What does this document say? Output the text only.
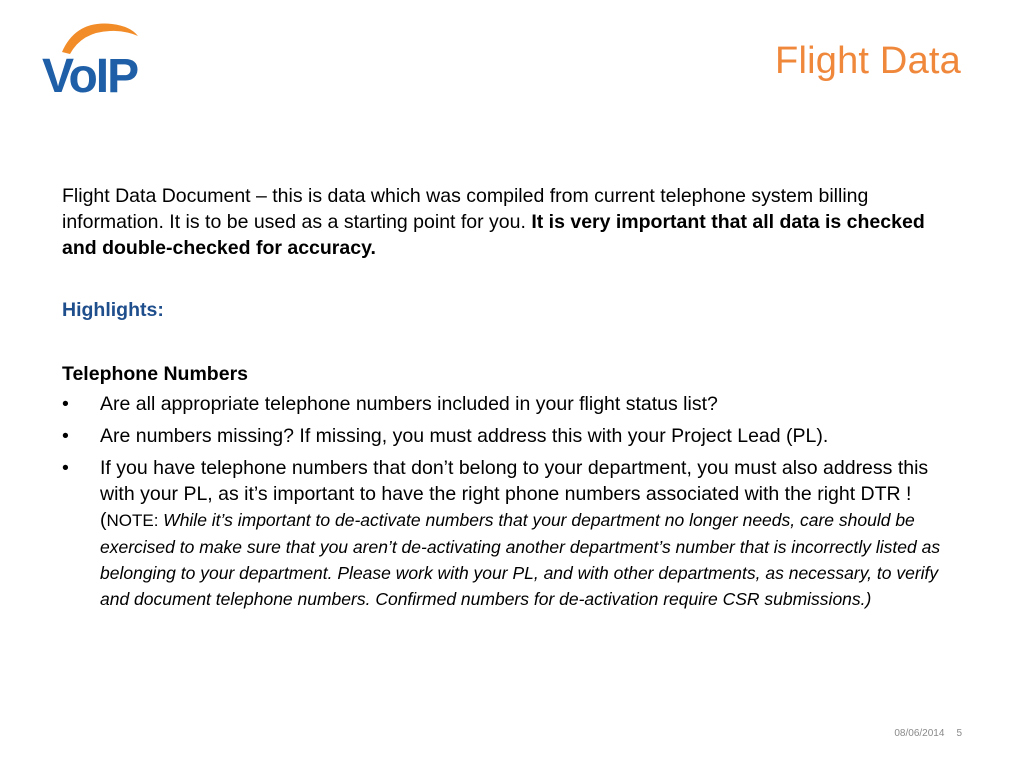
VoIP	Flight Data

Flight Data Document – this is data which was compiled from current telephone system billing information. It is to be used as a starting point for you. It is very important that all data is checked and double-checked for accuracy.

Highlights:

Telephone Numbers

• Are all appropriate telephone numbers included in your flight status list?
• Are numbers missing? If missing, you must address this with your Project Lead (PL).
• If you have telephone numbers that don’t belong to your department, you must also address this with your PL, as it’s important to have the right phone numbers associated with the right DTR ! (NOTE: While it’s important to de-activate numbers that your department no longer needs, care should be exercised to make sure that you aren’t de-activating another department’s number that is incorrectly listed as belonging to your department. Please work with your PL, and with other departments, as necessary, to verify and document telephone numbers. Confirmed numbers for de-activation require CSR submissions.)
08/06/2014 5
